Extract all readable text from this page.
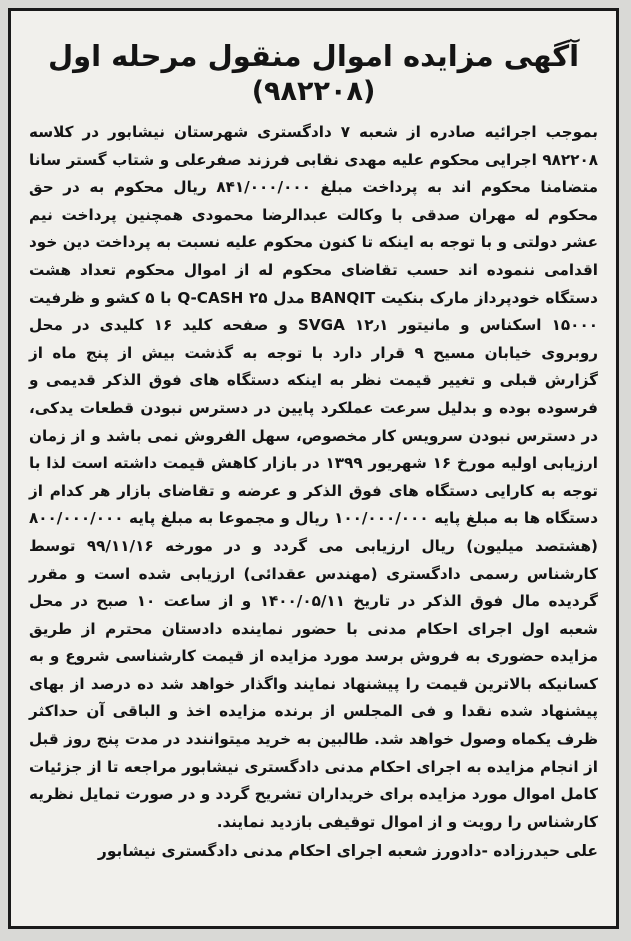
آگهی مزایده اموال منقول مرحله اول
(۹۸۲۲۰۸)

بموجب اجرائیه صادره از شعبه ۷ دادگستری شهرستان نیشابور در کلاسه ۹۸۲۲۰۸ اجرایی محکوم علیه مهدی نقابی فرزند صفرعلی و شتاب گستر سانا متضامنا محکوم اند به پرداخت مبلغ ۸۴۱/۰۰۰/۰۰۰ ریال محکوم به در حق محکوم له مهران صدقی با وکالت عبدالرضا محمودی همچنین پرداخت نیم عشر دولتی و با توجه به اینکه تا کنون محکوم علیه نسبت به پرداخت دین خود اقدامی ننموده اند حسب تقاضای محکوم له از اموال محکوم تعداد هشت دستگاه خودپرداز مارک بنکیت BANQIT مدل Q-CASH ۲۵ با ۵ کشو و ظرفیت ۱۵۰۰۰ اسکناس و مانیتور ۱۲٫۱ SVGA و صفحه کلید ۱۶ کلیدی در محل روبروی خیابان مسیح ۹ قرار دارد با توجه به گذشت بیش از پنج ماه از گزارش قبلی و تغییر قیمت نظر به اینکه دستگاه های فوق الذکر قدیمی و فرسوده بوده و بدلیل سرعت عملکرد پایین در دسترس نبودن قطعات یدکی، در دسترس نبودن سرویس کار مخصوص، سهل الفروش نمی باشد و از زمان ارزیابی اولیه مورخ ۱۶ شهریور ۱۳۹۹ در بازار کاهش قیمت داشته است لذا با توجه به کارایی دستگاه های فوق الذکر و عرضه و تقاضای بازار هر کدام از دستگاه ها به مبلغ پایه ۱۰۰/۰۰۰/۰۰۰ ریال و مجموعا به مبلغ پایه ۸۰۰/۰۰۰/۰۰۰ (هشتصد میلیون) ریال ارزیابی می گردد و در مورخه ۹۹/۱۱/۱۶ توسط کارشناس رسمی دادگستری (مهندس عقدائی) ارزیابی شده است و مقرر گردیده مال فوق الذکر در تاریخ ۱۴۰۰/۰۵/۱۱ و از ساعت ۱۰ صبح در محل شعبه اول اجرای احکام مدنی با حضور نماینده دادستان محترم از طریق مزایده حضوری به فروش برسد مورد مزایده از قیمت کارشناسی شروع و به کسانیکه بالاترین قیمت را پیشنهاد نمایند واگذار خواهد شد ده درصد از بهای پیشنهاد شده نقدا و فی المجلس از برنده مزایده اخذ و الباقی آن حداکثر ظرف یکماه وصول خواهد شد. طالبین به خرید میتوانندد در مدت پنج روز قبل از انجام مزایده به اجرای احکام مدنی دادگستری نیشابور مراجعه تا از جزئیات کامل اموال مورد مزایده برای خریداران تشریح گردد و در صورت تمایل نظریه کارشناس را رویت و از اموال توقیفی بازدید نمایند.

علی حیدرزاده -دادورز شعبه اجرای احکام مدنی دادگستری نیشابور
